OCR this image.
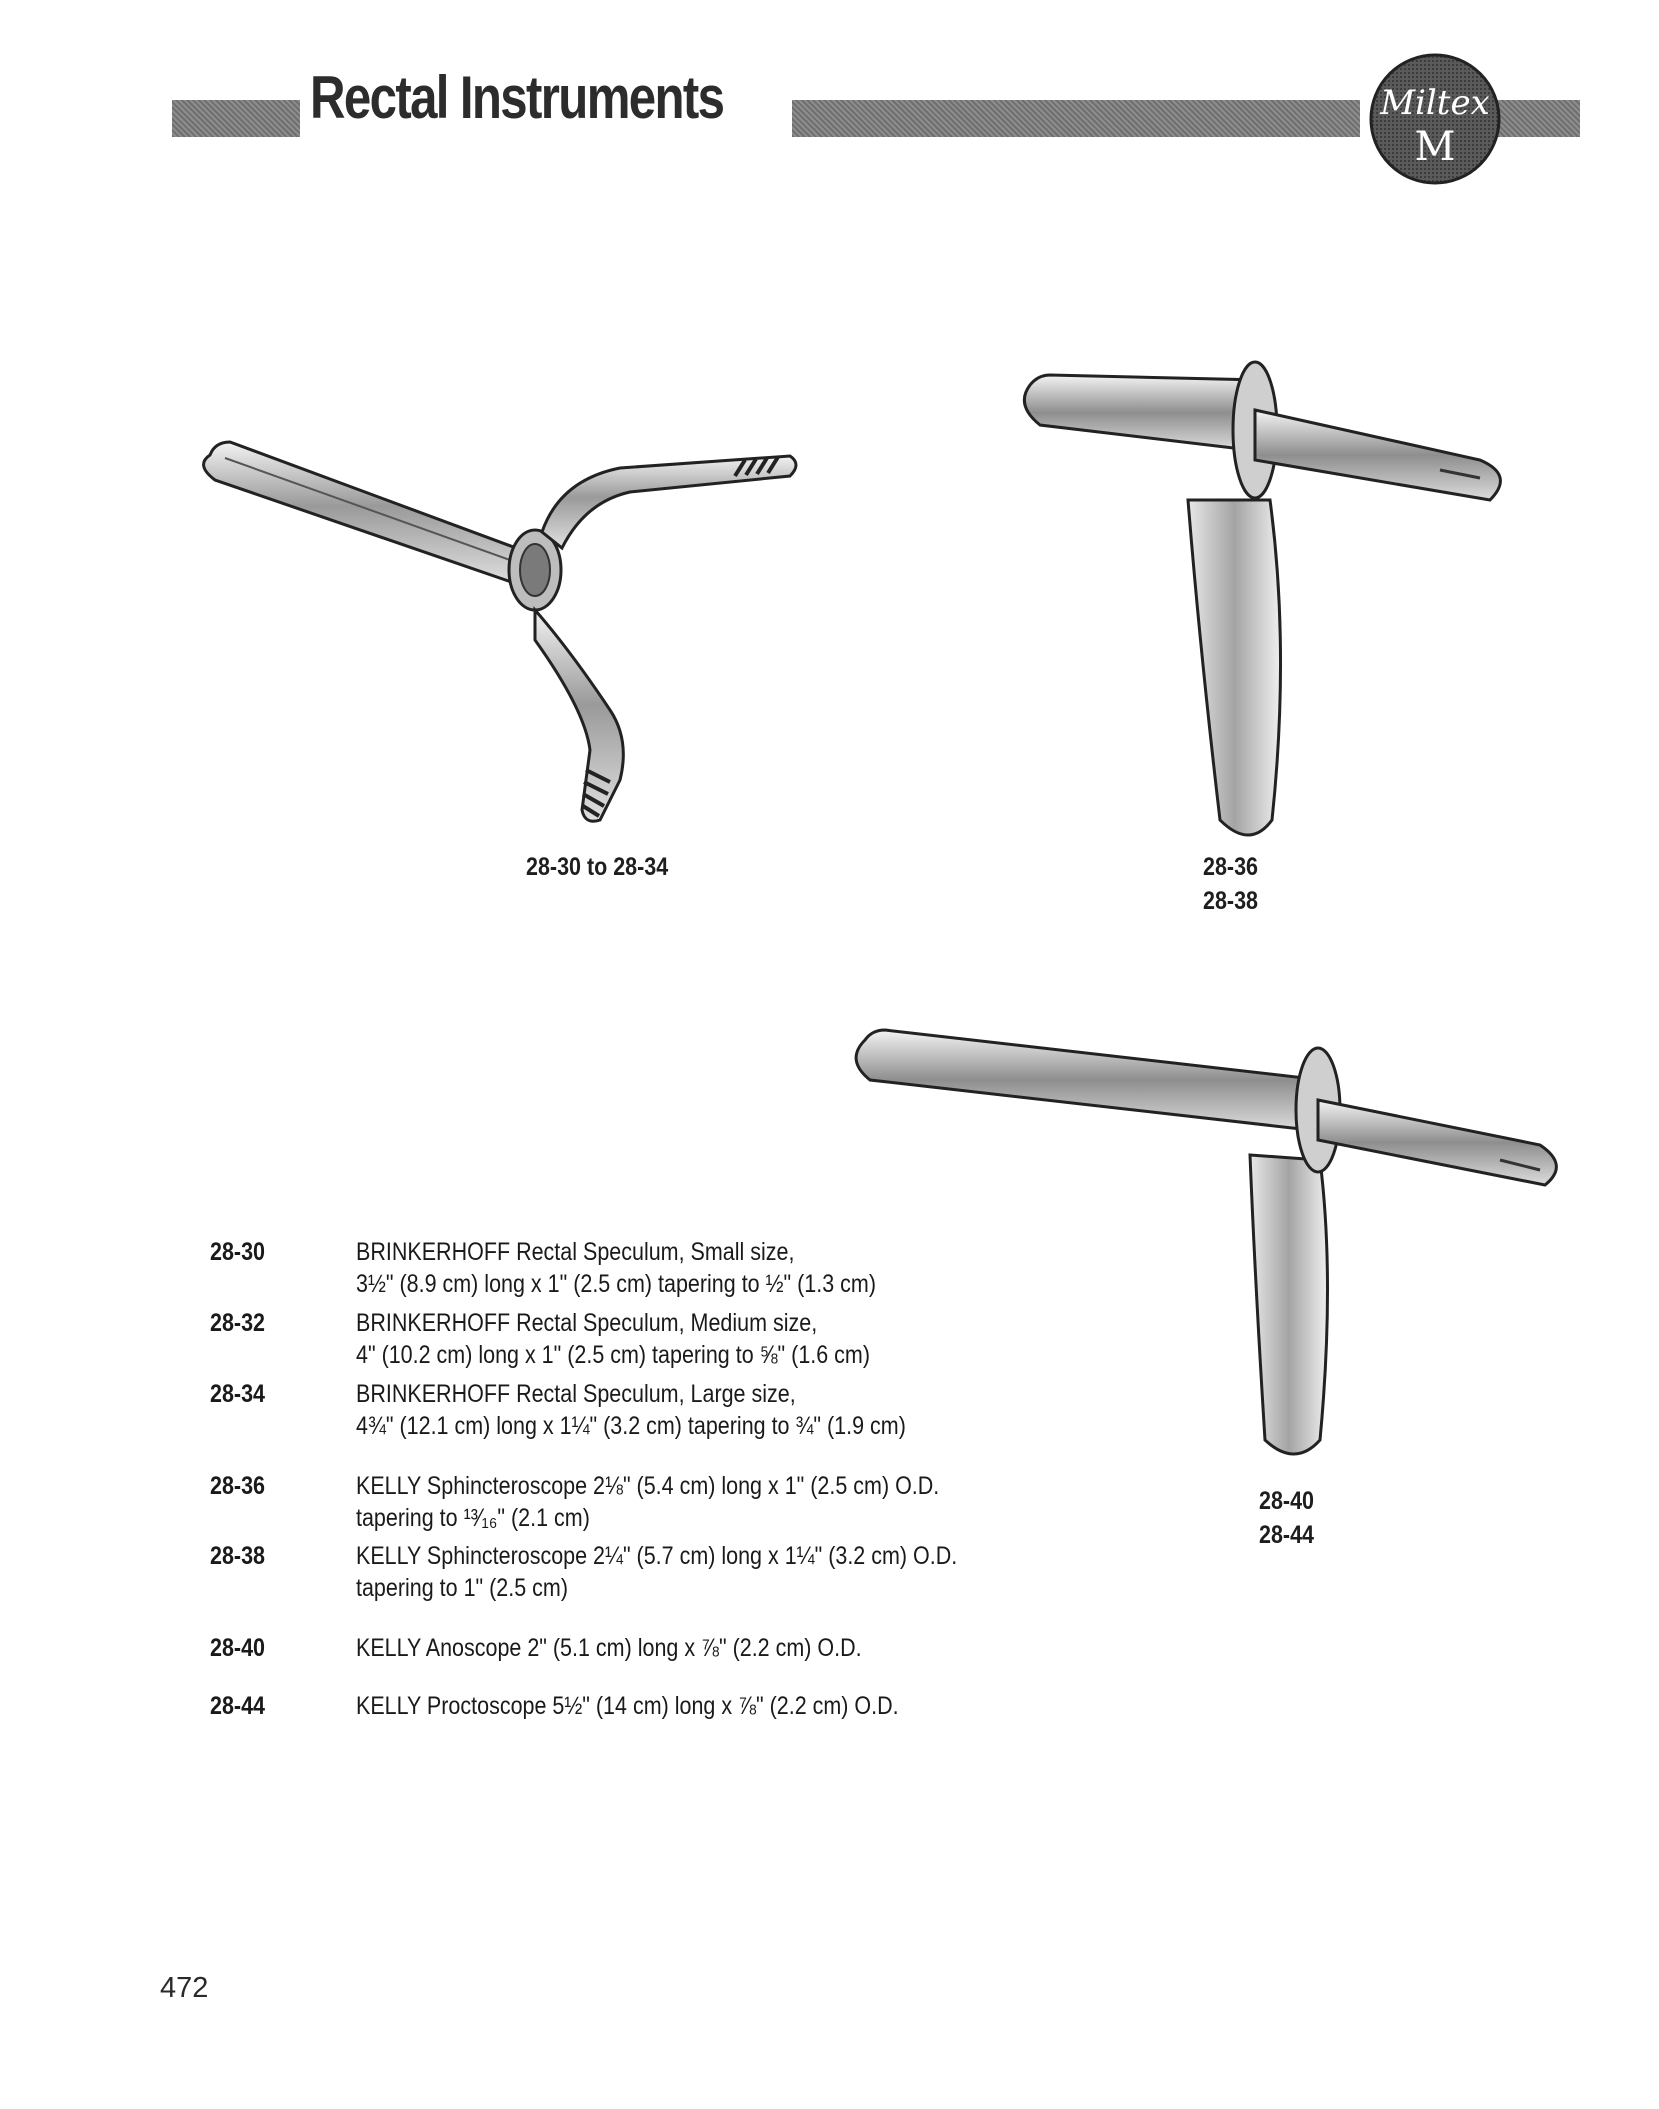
Rectal Instruments	Miltex
M
28-30 to 28-34	28-36
28-38
28-40
28-44
28-30	BRINKERHOFF Rectal Speculum, Small size,
3½" (8.9 cm) long x 1" (2.5 cm) tapering to ½" (1.3 cm)
28-32	BRINKERHOFF Rectal Speculum, Medium size,
4" (10.2 cm) long x 1" (2.5 cm) tapering to ⅝" (1.6 cm)
28-34	BRINKERHOFF Rectal Speculum, Large size,
4¾" (12.1 cm) long x 1¼" (3.2 cm) tapering to ¾" (1.9 cm)
28-36	KELLY Sphincteroscope 2⅛" (5.4 cm) long x 1" (2.5 cm) O.D.
tapering to ¹³⁄₁₆" (2.1 cm)
28-38	KELLY Sphincteroscope 2¼" (5.7 cm) long x 1¼" (3.2 cm) O.D.
tapering to 1" (2.5 cm)
28-40	KELLY Anoscope 2" (5.1 cm) long x ⅞" (2.2 cm) O.D.
28-44	KELLY Proctoscope 5½" (14 cm) long x ⅞" (2.2 cm) O.D.
472
